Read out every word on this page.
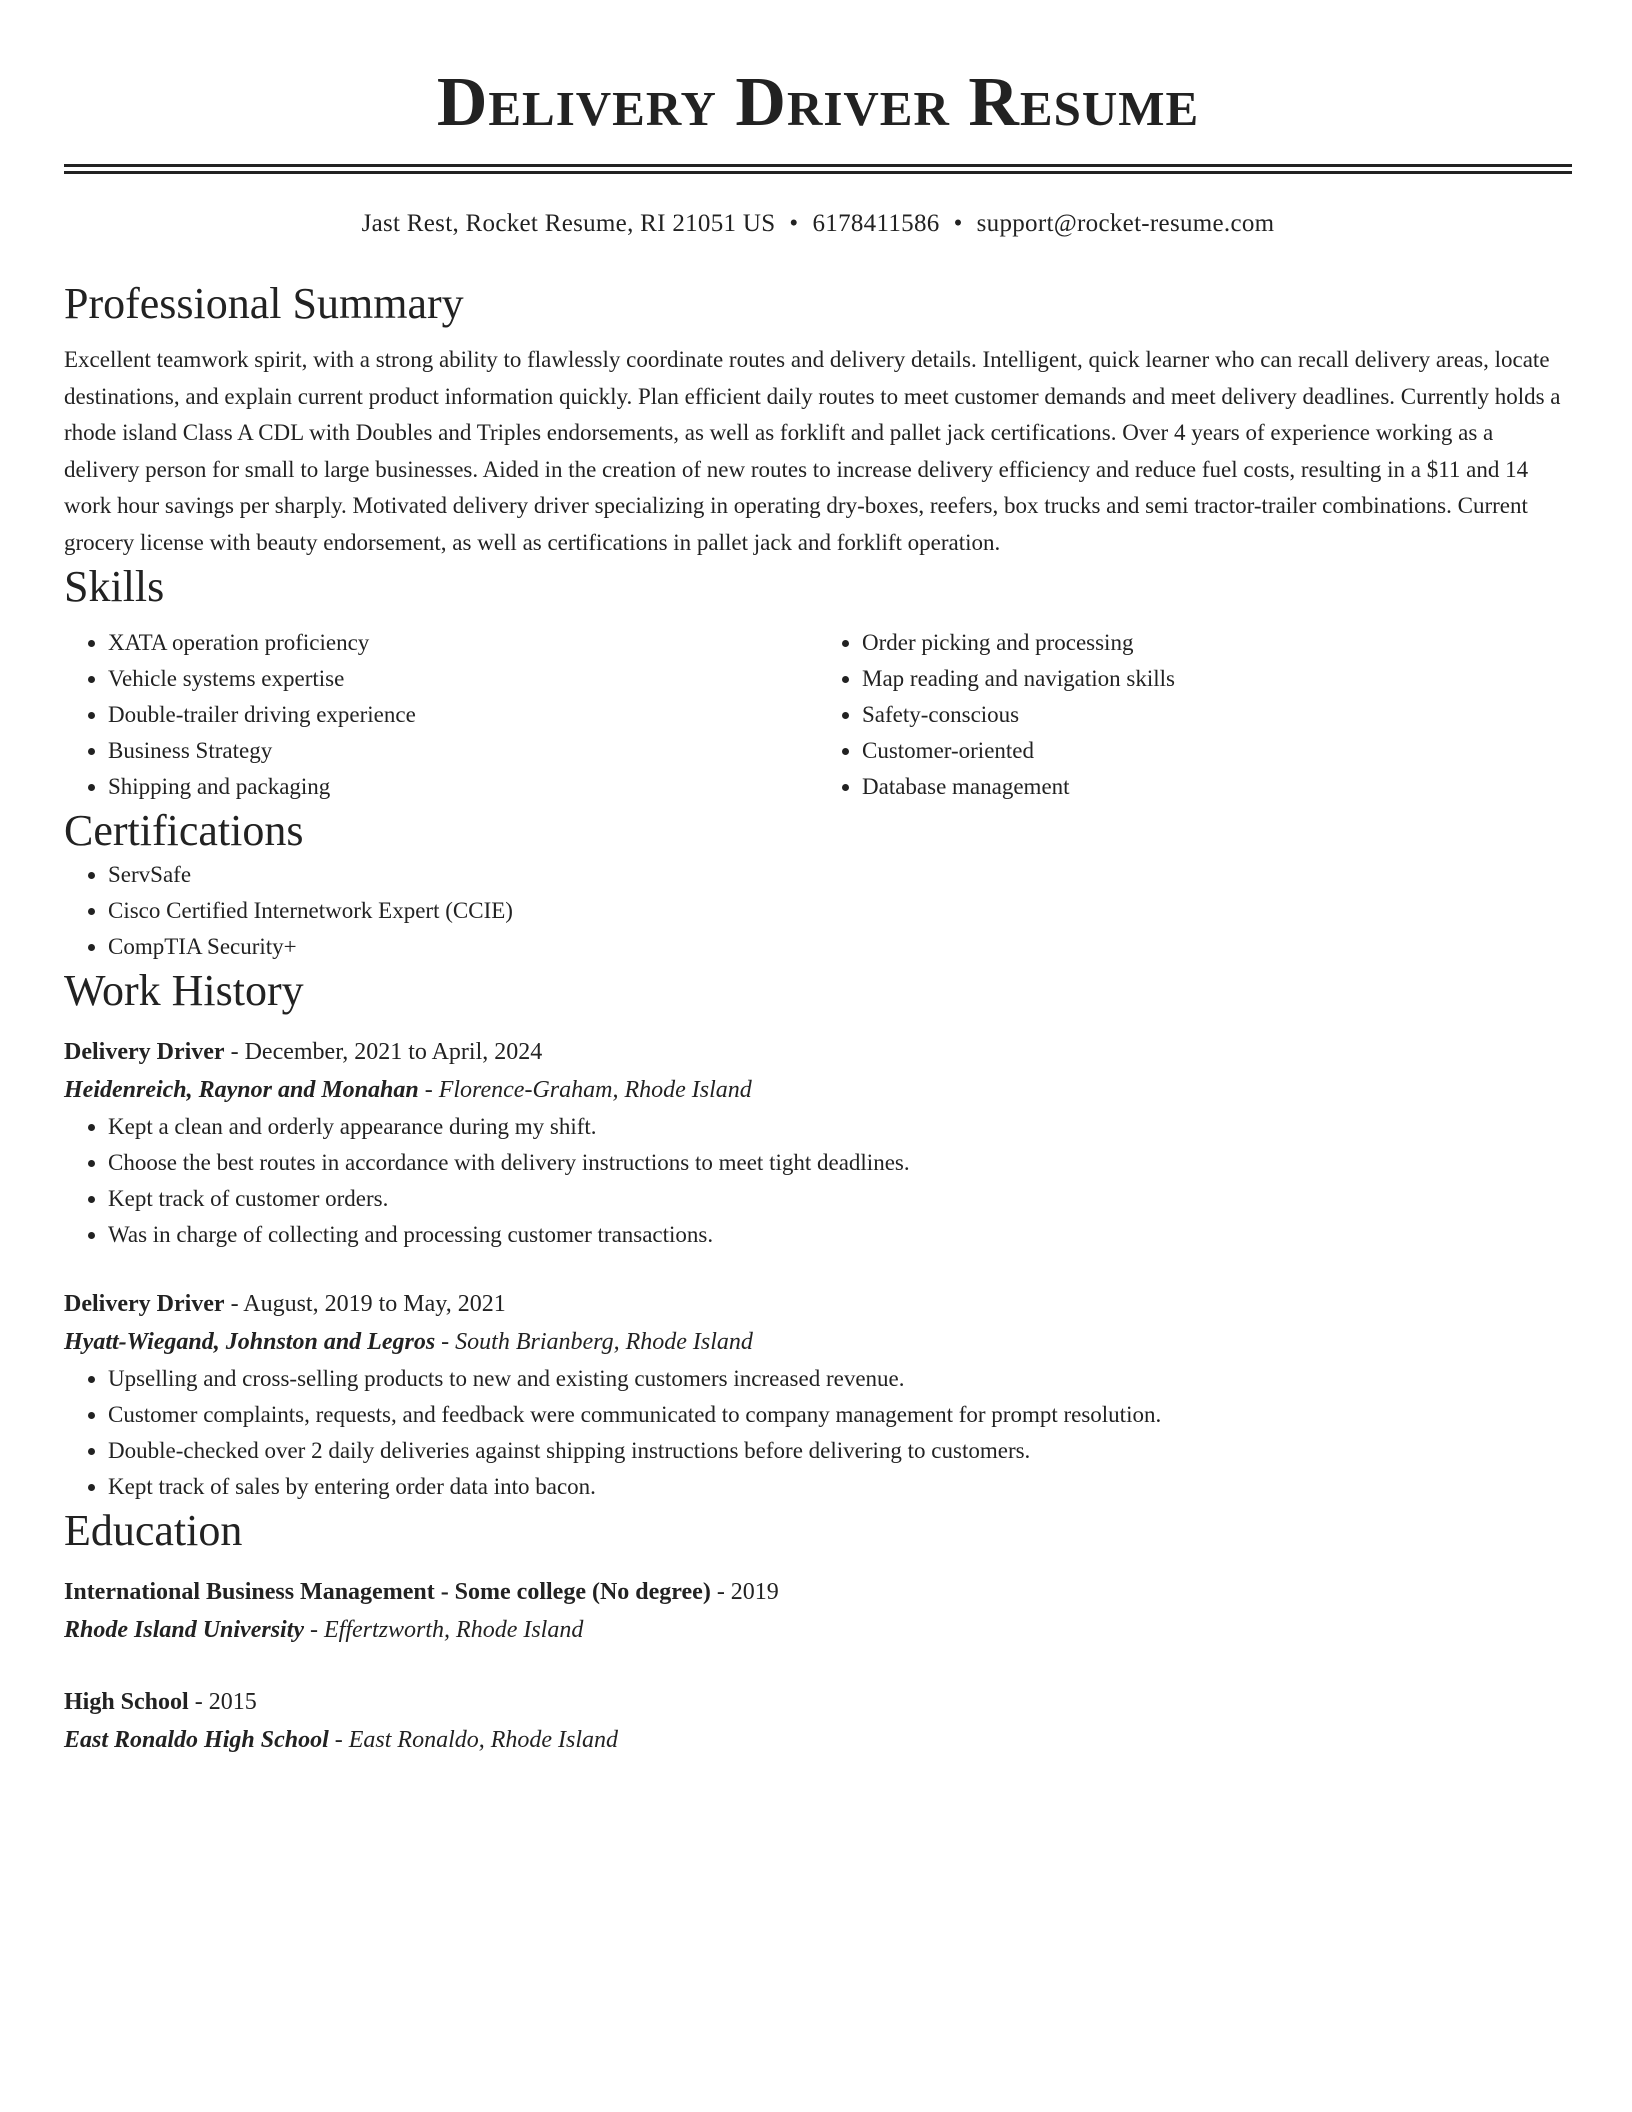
Delivery Driver Resume
Jast Rest, Rocket Resume, RI 21051 US • 6178411586 • support@rocket-resume.com
Professional Summary
Excellent teamwork spirit, with a strong ability to flawlessly coordinate routes and delivery details. Intelligent, quick learner who can recall delivery areas, locate destinations, and explain current product information quickly. Plan efficient daily routes to meet customer demands and meet delivery deadlines. Currently holds a rhode island Class A CDL with Doubles and Triples endorsements, as well as forklift and pallet jack certifications. Over 4 years of experience working as a delivery person for small to large businesses. Aided in the creation of new routes to increase delivery efficiency and reduce fuel costs, resulting in a $11 and 14 work hour savings per sharply. Motivated delivery driver specializing in operating dry-boxes, reefers, box trucks and semi tractor-trailer combinations. Current grocery license with beauty endorsement, as well as certifications in pallet jack and forklift operation.
Skills
• XATA operation proficiency
• Vehicle systems expertise
• Double-trailer driving experience
• Business Strategy
• Shipping and packaging
• Order picking and processing
• Map reading and navigation skills
• Safety-conscious
• Customer-oriented
• Database management
Certifications
• ServSafe
• Cisco Certified Internetwork Expert (CCIE)
• CompTIA Security+
Work History
Delivery Driver - December, 2021 to April, 2024
Heidenreich, Raynor and Monahan - Florence-Graham, Rhode Island
• Kept a clean and orderly appearance during my shift.
• Choose the best routes in accordance with delivery instructions to meet tight deadlines.
• Kept track of customer orders.
• Was in charge of collecting and processing customer transactions.
Delivery Driver - August, 2019 to May, 2021
Hyatt-Wiegand, Johnston and Legros - South Brianberg, Rhode Island
• Upselling and cross-selling products to new and existing customers increased revenue.
• Customer complaints, requests, and feedback were communicated to company management for prompt resolution.
• Double-checked over 2 daily deliveries against shipping instructions before delivering to customers.
• Kept track of sales by entering order data into bacon.
Education
International Business Management - Some college (No degree) - 2019
Rhode Island University - Effertzworth, Rhode Island
High School - 2015
East Ronaldo High School - East Ronaldo, Rhode Island
